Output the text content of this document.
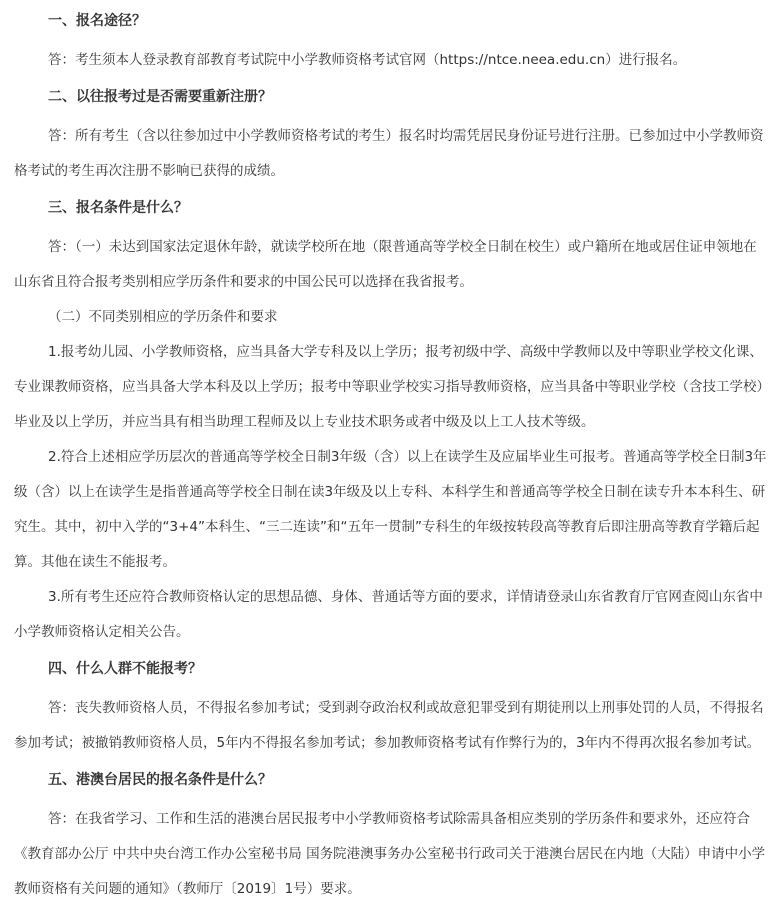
一、报名途径？

答：考生须本人登录教育部教育考试院中小学教师资格考试官网（https://ntce.neea.edu.cn）进行报名。

二、以往报考过是否需要重新注册？

答：所有考生（含以往参加过中小学教师资格考试的考生）报名时均需凭居民身份证号进行注册。已参加过中小学教师资格考试的考生再次注册不影响已获得的成绩。

三、报名条件是什么？

答：（一）未达到国家法定退休年龄，就读学校所在地（限普通高等学校全日制在校生）或户籍所在地或居住证申领地在山东省且符合报考类别相应学历条件和要求的中国公民可以选择在我省报考。

（二）不同类别相应的学历条件和要求

1.报考幼儿园、小学教师资格，应当具备大学专科及以上学历；报考初级中学、高级中学教师以及中等职业学校文化课、专业课教师资格，应当具备大学本科及以上学历；报考中等职业学校实习指导教师资格，应当具备中等职业学校（含技工学校）毕业及以上学历，并应当具有相当助理工程师及以上专业技术职务或者中级及以上工人技术等级。

2.符合上述相应学历层次的普通高等学校全日制3年级（含）以上在读学生及应届毕业生可报考。普通高等学校全日制3年级（含）以上在读学生是指普通高等学校全日制在读3年级及以上专科、本科学生和普通高等学校全日制在读专升本本科生、研究生。其中，初中入学的“3+4”本科生、“三二连读”和“五年一贯制”专科生的年级按转段高等教育后即注册高等教育学籍后起算。其他在读生不能报考。

3.所有考生还应符合教师资格认定的思想品德、身体、普通话等方面的要求，详情请登录山东省教育厅官网查阅山东省中小学教师资格认定相关公告。

四、什么人群不能报考？

答：丧失教师资格人员，不得报名参加考试；受到剥夺政治权利或故意犯罪受到有期徒刑以上刑事处罚的人员，不得报名参加考试；被撤销教师资格人员，5年内不得报名参加考试；参加教师资格考试有作弊行为的，3年内不得再次报名参加考试。

五、港澳台居民的报名条件是什么？

答：在我省学习、工作和生活的港澳台居民报考中小学教师资格考试除需具备相应类别的学历条件和要求外，还应符合《教育部办公厅 中共中央台湾工作办公室秘书局 国务院港澳事务办公室秘书行政司关于港澳台居民在内地（大陆）申请中小学教师资格有关问题的通知》（教师厅〔2019〕1号）要求。
